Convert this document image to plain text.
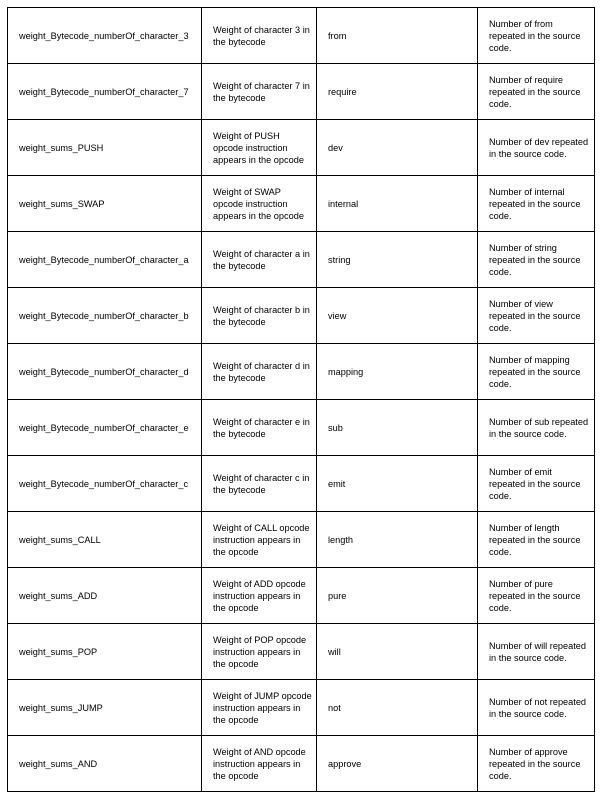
weight_Bytecode_numberOf_character_3	Weight of character 3 in the bytecode	from	Number of from repeated in the source code.
weight_Bytecode_numberOf_character_7	Weight of character 7 in the bytecode	require	Number of require repeated in the source code.
weight_sums_PUSH	Weight of PUSH opcode instruction appears in the opcode	dev	Number of dev repeated in the source code.
weight_sums_SWAP	Weight of SWAP opcode instruction appears in the opcode	internal	Number of internal repeated in the source code.
weight_Bytecode_numberOf_character_a	Weight of character a in the bytecode	string	Number of string repeated in the source code.
weight_Bytecode_numberOf_character_b	Weight of character b in the bytecode	view	Number of view repeated in the source code.
weight_Bytecode_numberOf_character_d	Weight of character d in the bytecode	mapping	Number of mapping repeated in the source code.
weight_Bytecode_numberOf_character_e	Weight of character e in the bytecode	sub	Number of sub repeated in the source code.
weight_Bytecode_numberOf_character_c	Weight of character c in the bytecode	emit	Number of emit repeated in the source code.
weight_sums_CALL	Weight of CALL opcode instruction appears in the opcode	length	Number of length repeated in the source code.
weight_sums_ADD	Weight of ADD opcode instruction appears in the opcode	pure	Number of pure repeated in the source code.
weight_sums_POP	Weight of POP opcode instruction appears in the opcode	will	Number of will repeated in the source code.
weight_sums_JUMP	Weight of JUMP opcode instruction appears in the opcode	not	Number of not repeated in the source code.
weight_sums_AND	Weight of AND opcode instruction appears in the opcode	approve	Number of approve repeated in the source code.
